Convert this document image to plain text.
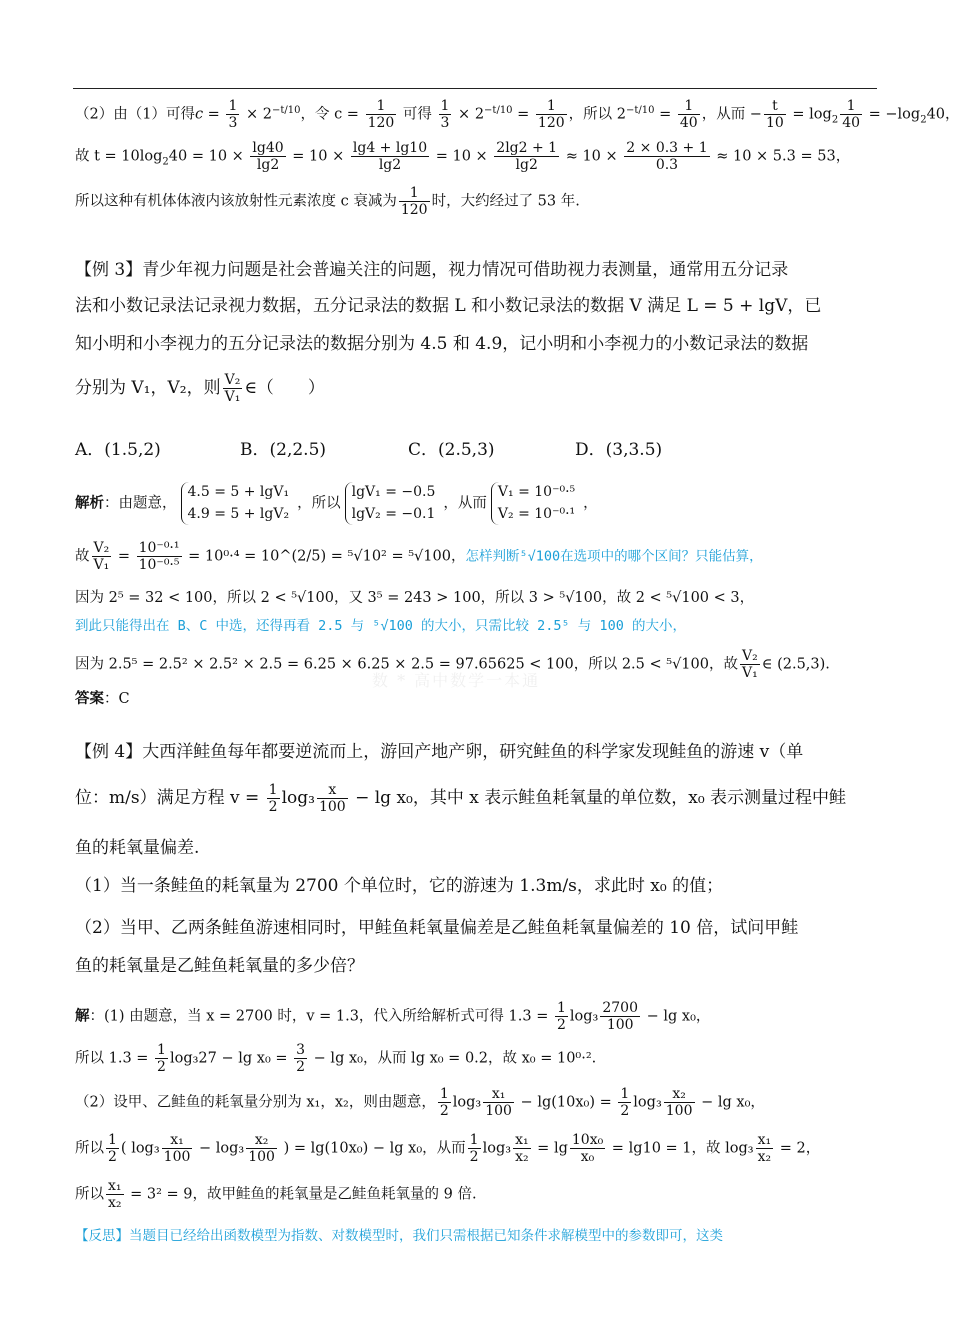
（2）由（1）可得$c = \frac{1}{3} \times 2^{-t/10}$，令 $c = \frac{1}{120}$ 可得 $\frac{1}{3} \times 2^{-t/10} = \frac{1}{120}$ ，所以 $2^{-t/10} = \frac{1}{40}$ ，从而 − $\frac{t}{10} = \log_2 \frac{1}{40} = -\log_240$，
故 $t = 10\log_240 = 10 \times \frac{\lg 40}{\lg 2} = 10 \times \frac{\lg 4 + \lg 10}{\lg 2} = 10 \times \frac{2\lg 2 + 1}{\lg 2} \approx 10 \times \frac{2 \times 0.3 + 1}{0.3} \approx 10 \times 5.3 = 53$，
所以这种有机体体液内该放射性元素浓度 c 衰减为 $\frac{1}{120}$ 时，大约经过了 53 年.
【例 3】青少年视力问题是社会普遍关注的问题，视力情况可借助视力表测量，通常用五分记录
法和小数记录法记录视力数据，五分记录法的数据 L 和小数记录法的数据 V 满足 L = 5 + lgV，已
知小明和小李视力的五分记录法的数据分别为 4.5 和 4.9，记小明和小李视力的小数记录法的数据
分别为 V₁，V₂，则 $\frac{\text{V₂}}{\text{V₁}}$ ∈（　　）
A．(1.5,2)	B．(2,2.5)	C．(2.5,3)	D．(3,3.5)
解析：由题意，
4.5 = 5 + lgV₁
4.9 = 5 + lgV₂
，所以
lgV₁ = −0.5
lgV₂ = −0.1
，从而
V₁ = 10⁻⁰·⁵
V₂ = 10⁻⁰·¹
，
故 $\frac{\text{V₂}}{\text{V₁}} = \frac{\text{10⁻⁰·¹}}{\text{10⁻⁰·⁵}} = 10^0\cdot^4$ = 10^(2/5) = ⁵√10² = ⁵√100，怎样判断⁵√100在选项中的哪个区间？只能估算，
因为 2⁵ = 32 < 100，所以 2 < ⁵√100，又 3⁵ = 243 > 100，所以 3 > ⁵√100，故 2 < ⁵√100 < 3，
到此只能得出在 B、C 中选，还得再看 2.5 与 ⁵√100 的大小，只需比较 2.5⁵ 与 100 的大小，
因为 2.5⁵ = 2.5² × 2.5² × 2.5 = 6.25 × 6.25 × 2.5 = 97.65625 < 100，所以 2.5 < ⁵√100，故 $\frac{\text{V₂}}{\text{V₁}}$ ∈ (2.5,3).
数 * 高中数学一本通
答案：C
【例 4】大西洋鲑鱼每年都要逆流而上，游回产地产卵，研究鲑鱼的科学家发现鲑鱼的游速 v（单
位：m/s）满足方程 $v = \frac{1}{2} \log_3 \frac{x}{100} - \lg x_0$，其中 x 表示鲑鱼耗氧量的单位数，x₀ 表示测量过程中鲑
鱼的耗氧量偏差.
（1）当一条鲑鱼的耗氧量为 2700 个单位时，它的游速为 1.3m/s，求此时 x₀ 的值；
（2）当甲、乙两条鲑鱼游速相同时，甲鲑鱼耗氧量偏差是乙鲑鱼耗氧量偏差的 10 倍，试问甲鲑
鱼的耗氧量是乙鲑鱼耗氧量的多少倍？
解：(1) 由题意，当 x = 2700 时，v = 1.3，代入所给解析式可得 $1.3 = \frac{1}{2} \log_3 \frac{2700}{100} - \lg x_0$，
所以 $1.3 = \frac{1}{2} \log_327 - \lg x_0 = \frac{3}{2} - \lg x_0$，从而 lg x₀ = 0.2，故 x₀ = 10⁰·².
（2）设甲、乙鲑鱼的耗氧量分别为 x₁，x₂，则由题意， $\frac{1}{2} \log_3 \frac{\text{x₁}}{100} - \lg(10x_0) = \frac{1}{2} \log_3 \frac{\text{x₂}}{100} - \lg x_0$，
所以 $\frac{1}{2}$ ( $\log_3 \frac{\text{x₁}}{100} - \log_3 \frac{\text{x₂}}{100}$ ) = lg(10x₀) − lg x₀，从而 $\frac{1}{2} \log_3 \frac{\text{x₁}}{\text{x₂}} = \lg \frac{\text{10x₀}}{\text{x₀}} = \lg 10 = 1$，故 $\log_3 \frac{\text{x₁}}{\text{x₂}} = 2$，
所以 $\frac{\text{x₁}}{\text{x₂}} = 3^2 = 9$，故甲鲑鱼的耗氧量是乙鲑鱼耗氧量的 9 倍.
【反思】当题目已经给出函数模型为指数、对数模型时，我们只需根据已知条件求解模型中的参数即可，这类
